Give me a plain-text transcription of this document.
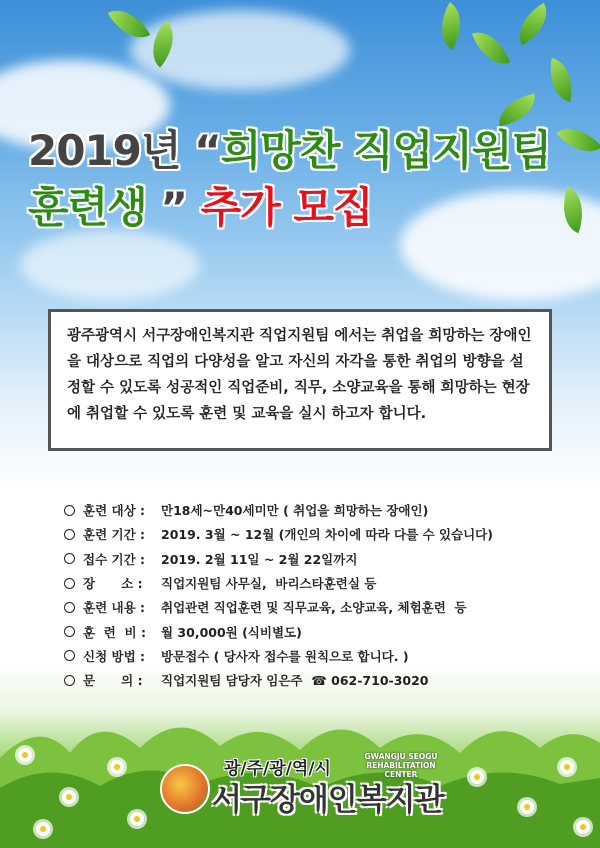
2019년 “희망찬 직업지원팀
훈련생 ” 추가 모집
광주광역시 서구장애인복지관 직업지원팀 에서는 취업을 희망하는 장애인을 대상으로 직업의 다양성을 알고 자신의 자각을 통한 취업의 방향을 설정할 수 있도록 성공적인 직업준비, 직무, 소양교육을 통해 희망하는 현장에 취업할 수 있도록 훈련 및 교육을 실시 하고자 합니다.
훈련 대상 :	만18세~만40세미만 ( 취업을 희망하는 장애인)
훈련 기간 :	2019. 3월 ~ 12월 (개인의 차이에 따라 다를 수 있습니다)
접수 기간 :	2019. 2월 11일 ~ 2월 22일까지
장      소 :	직업지원팀 사무실,  바리스타훈련실 등
훈련 내용 :	취업관련 직업훈련 및 직무교육, 소양교육, 체험훈련  등
훈  련  비 :	월 30,000원 (식비별도)
신청 방법 :	방문접수 ( 당사자 접수를 원칙으로 합니다. )
문      의 :	직업지원팀 담당자 임은주  ☎ 062-710-3020
광/주/광/역/시
서구장애인복지관
GWANGJU SEOGU
REHABILITATION CENTER
